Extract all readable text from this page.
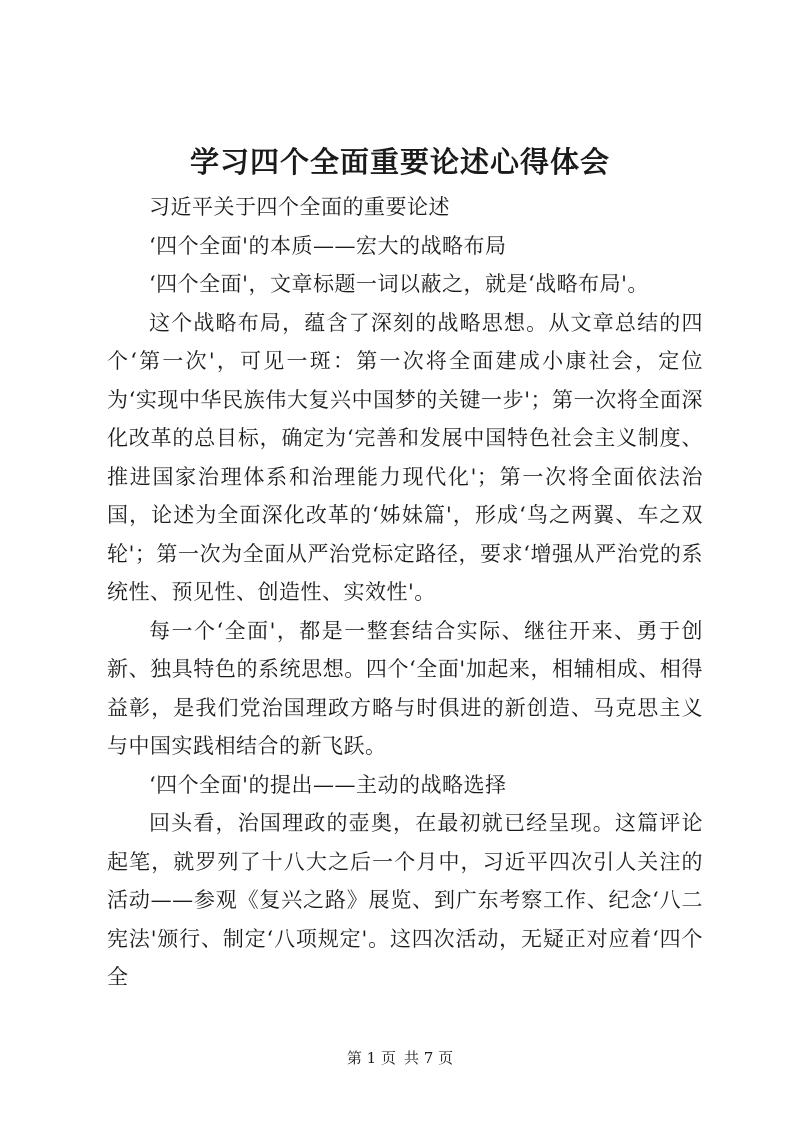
学习四个全面重要论述心得体会

习近平关于四个全面的重要论述

‘四个全面'的本质——宏大的战略布局

‘四个全面'，文章标题一词以蔽之，就是‘战略布局'。

这个战略布局，蕴含了深刻的战略思想。从文章总结的四个‘第一次'，可见一斑：第一次将全面建成小康社会，定位为‘实现中华民族伟大复兴中国梦的关键一步'；第一次将全面深化改革的总目标，确定为‘完善和发展中国特色社会主义制度、推进国家治理体系和治理能力现代化'；第一次将全面依法治国，论述为全面深化改革的‘姊妹篇'，形成‘鸟之两翼、车之双轮'；第一次为全面从严治党标定路径，要求‘增强从严治党的系统性、预见性、创造性、实效性'。

每一个‘全面'，都是一整套结合实际、继往开来、勇于创新、独具特色的系统思想。四个‘全面'加起来，相辅相成、相得益彰，是我们党治国理政方略与时俱进的新创造、马克思主义与中国实践相结合的新飞跃。

‘四个全面'的提出——主动的战略选择

回头看，治国理政的壶奥，在最初就已经呈现。这篇评论起笔，就罗列了十八大之后一个月中，习近平四次引人关注的活动——参观《复兴之路》展览、到广东考察工作、纪念‘八二宪法'颁行、制定‘八项规定'。这四次活动，无疑正对应着‘四个全

第 1 页 共 7 页
